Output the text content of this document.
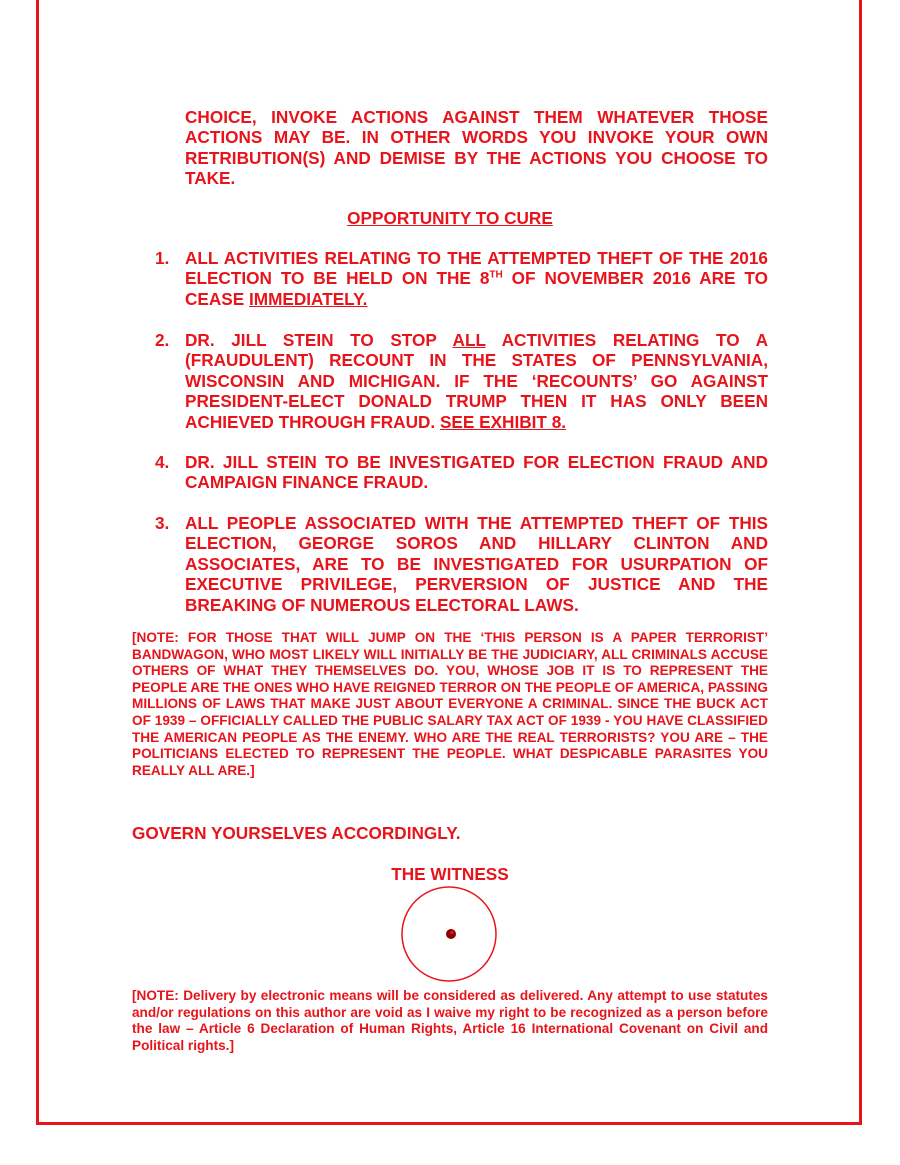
CHOICE, INVOKE ACTIONS AGAINST THEM WHATEVER THOSE ACTIONS MAY BE. IN OTHER WORDS YOU INVOKE YOUR OWN RETRIBUTION(S) AND DEMISE BY THE ACTIONS YOU CHOOSE TO TAKE.

OPPORTUNITY TO CURE

1. ALL ACTIVITIES RELATING TO THE ATTEMPTED THEFT OF THE 2016 ELECTION TO BE HELD ON THE 8TH OF NOVEMBER 2016 ARE TO CEASE IMMEDIATELY.
2. DR. JILL STEIN TO STOP ALL ACTIVITIES RELATING TO A (FRAUDULENT) RECOUNT IN THE STATES OF PENNSYLVANIA, WISCONSIN AND MICHIGAN. IF THE ‘RECOUNTS’ GO AGAINST PRESIDENT-ELECT DONALD TRUMP THEN IT HAS ONLY BEEN ACHIEVED THROUGH FRAUD. SEE EXHIBIT 8.
4. DR. JILL STEIN TO BE INVESTIGATED FOR ELECTION FRAUD AND CAMPAIGN FINANCE FRAUD.
3. ALL PEOPLE ASSOCIATED WITH THE ATTEMPTED THEFT OF THIS ELECTION, GEORGE SOROS AND HILLARY CLINTON AND ASSOCIATES, ARE TO BE INVESTIGATED FOR USURPATION OF EXECUTIVE PRIVILEGE, PERVERSION OF JUSTICE AND THE BREAKING OF NUMEROUS ELECTORAL LAWS.

[NOTE: FOR THOSE THAT WILL JUMP ON THE ‘THIS PERSON IS A PAPER TERRORIST’ BANDWAGON, WHO MOST LIKELY WILL INITIALLY BE THE JUDICIARY, ALL CRIMINALS ACCUSE OTHERS OF WHAT THEY THEMSELVES DO. YOU, WHOSE JOB IT IS TO REPRESENT THE PEOPLE ARE THE ONES WHO HAVE REIGNED TERROR ON THE PEOPLE OF AMERICA, PASSING MILLIONS OF LAWS THAT MAKE JUST ABOUT EVERYONE A CRIMINAL. SINCE THE BUCK ACT OF 1939 – OFFICIALLY CALLED THE PUBLIC SALARY TAX ACT OF 1939 - YOU HAVE CLASSIFIED THE AMERICAN PEOPLE AS THE ENEMY. WHO ARE THE REAL TERRORISTS? YOU ARE – THE POLITICIANS ELECTED TO REPRESENT THE PEOPLE. WHAT DESPICABLE PARASITES YOU REALLY ALL ARE.]

GOVERN YOURSELVES ACCORDINGLY.

THE WITNESS

[NOTE: Delivery by electronic means will be considered as delivered. Any attempt to use statutes and/or regulations on this author are void as I waive my right to be recognized as a person before the law – Article 6 Declaration of Human Rights, Article 16 International Covenant on Civil and Political rights.]
